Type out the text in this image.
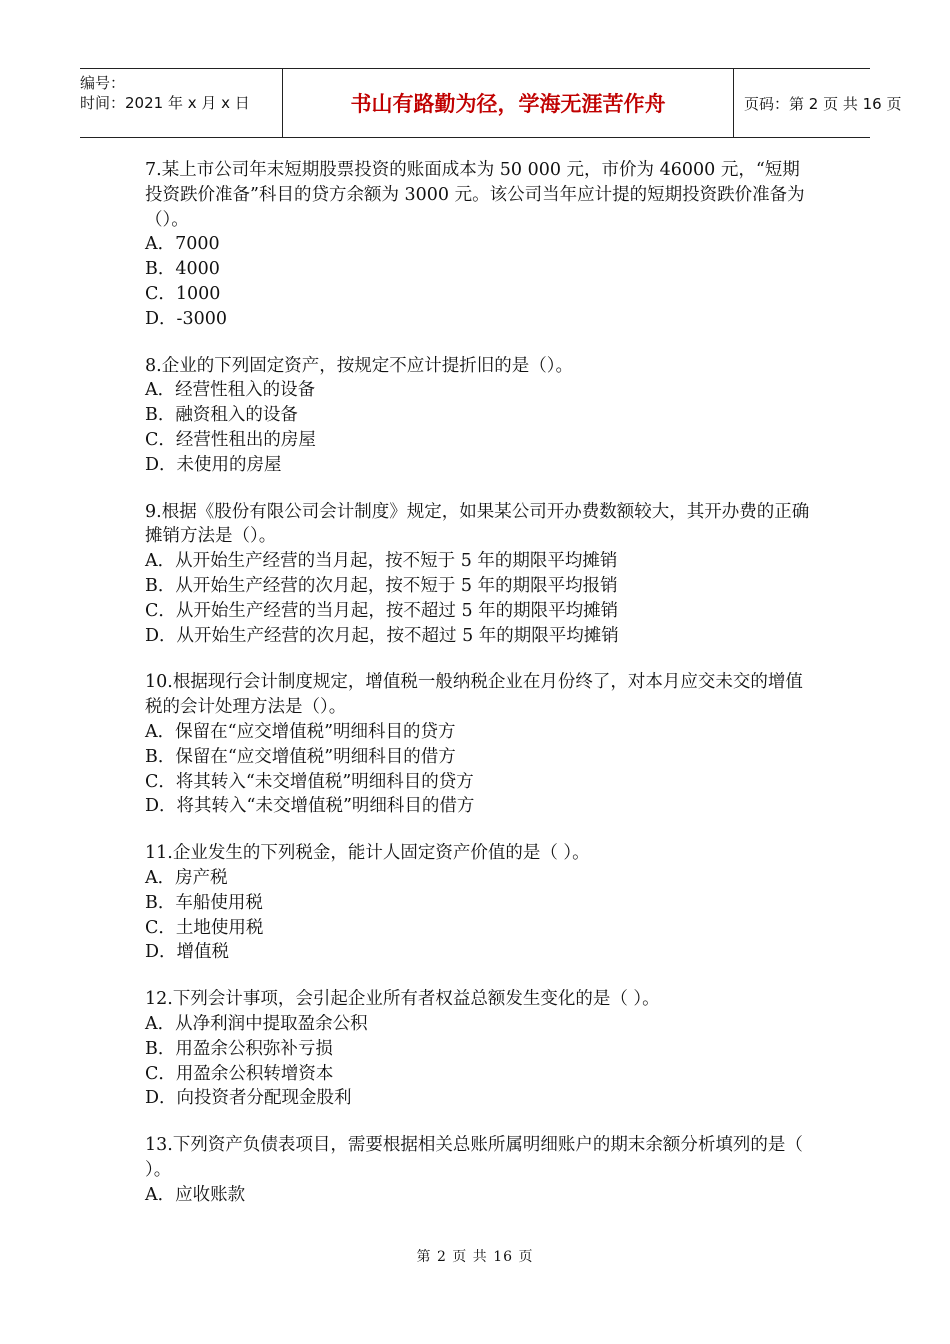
编号：
时间：2021 年 x 月 x 日	书山有路勤为径，学海无涯苦作舟	页码：第 2 页 共 16 页

7.某上市公司年末短期股票投资的账面成本为 50 000 元，市价为 46000 元，“短期投资跌价准备”科目的贷方余额为 3000 元。该公司当年应计提的短期投资跌价准备为（）。

A．7000

B．4000

C．1000

D．-3000

8.企业的下列固定资产，按规定不应计提折旧的是（）。

A．经营性租入的设备

B．融资租入的设备

C．经营性租出的房屋

D．未使用的房屋

9.根据《股份有限公司会计制度》规定，如果某公司开办费数额较大，其开办费的正确摊销方法是（）。

A．从开始生产经营的当月起，按不短于 5 年的期限平均摊销

B．从开始生产经营的次月起，按不短于 5 年的期限平均报销

C．从开始生产经营的当月起，按不超过 5 年的期限平均摊销

D．从开始生产经营的次月起，按不超过 5 年的期限平均摊销

10.根据现行会计制度规定，增值税一般纳税企业在月份终了，对本月应交未交的增值税的会计处理方法是（）。

A．保留在“应交增值税”明细科目的贷方

B．保留在“应交增值税”明细科目的借方

C．将其转入“未交增值税”明细科目的贷方

D．将其转入“未交增值税”明细科目的借方

11.企业发生的下列税金，能计人固定资产价值的是（ ）。

A．房产税

B．车船使用税

C．土地使用税

D．增值税

12.下列会计事项，会引起企业所有者权益总额发生变化的是（ ）。

A．从净利润中提取盈余公积

B．用盈余公积弥补亏损

C．用盈余公积转增资本

D．向投资者分配现金股利

13.下列资产负债表项目，需要根据相关总账所属明细账户的期末余额分析填列的是（ ）。

A．应收账款

第 2 页 共 16 页
